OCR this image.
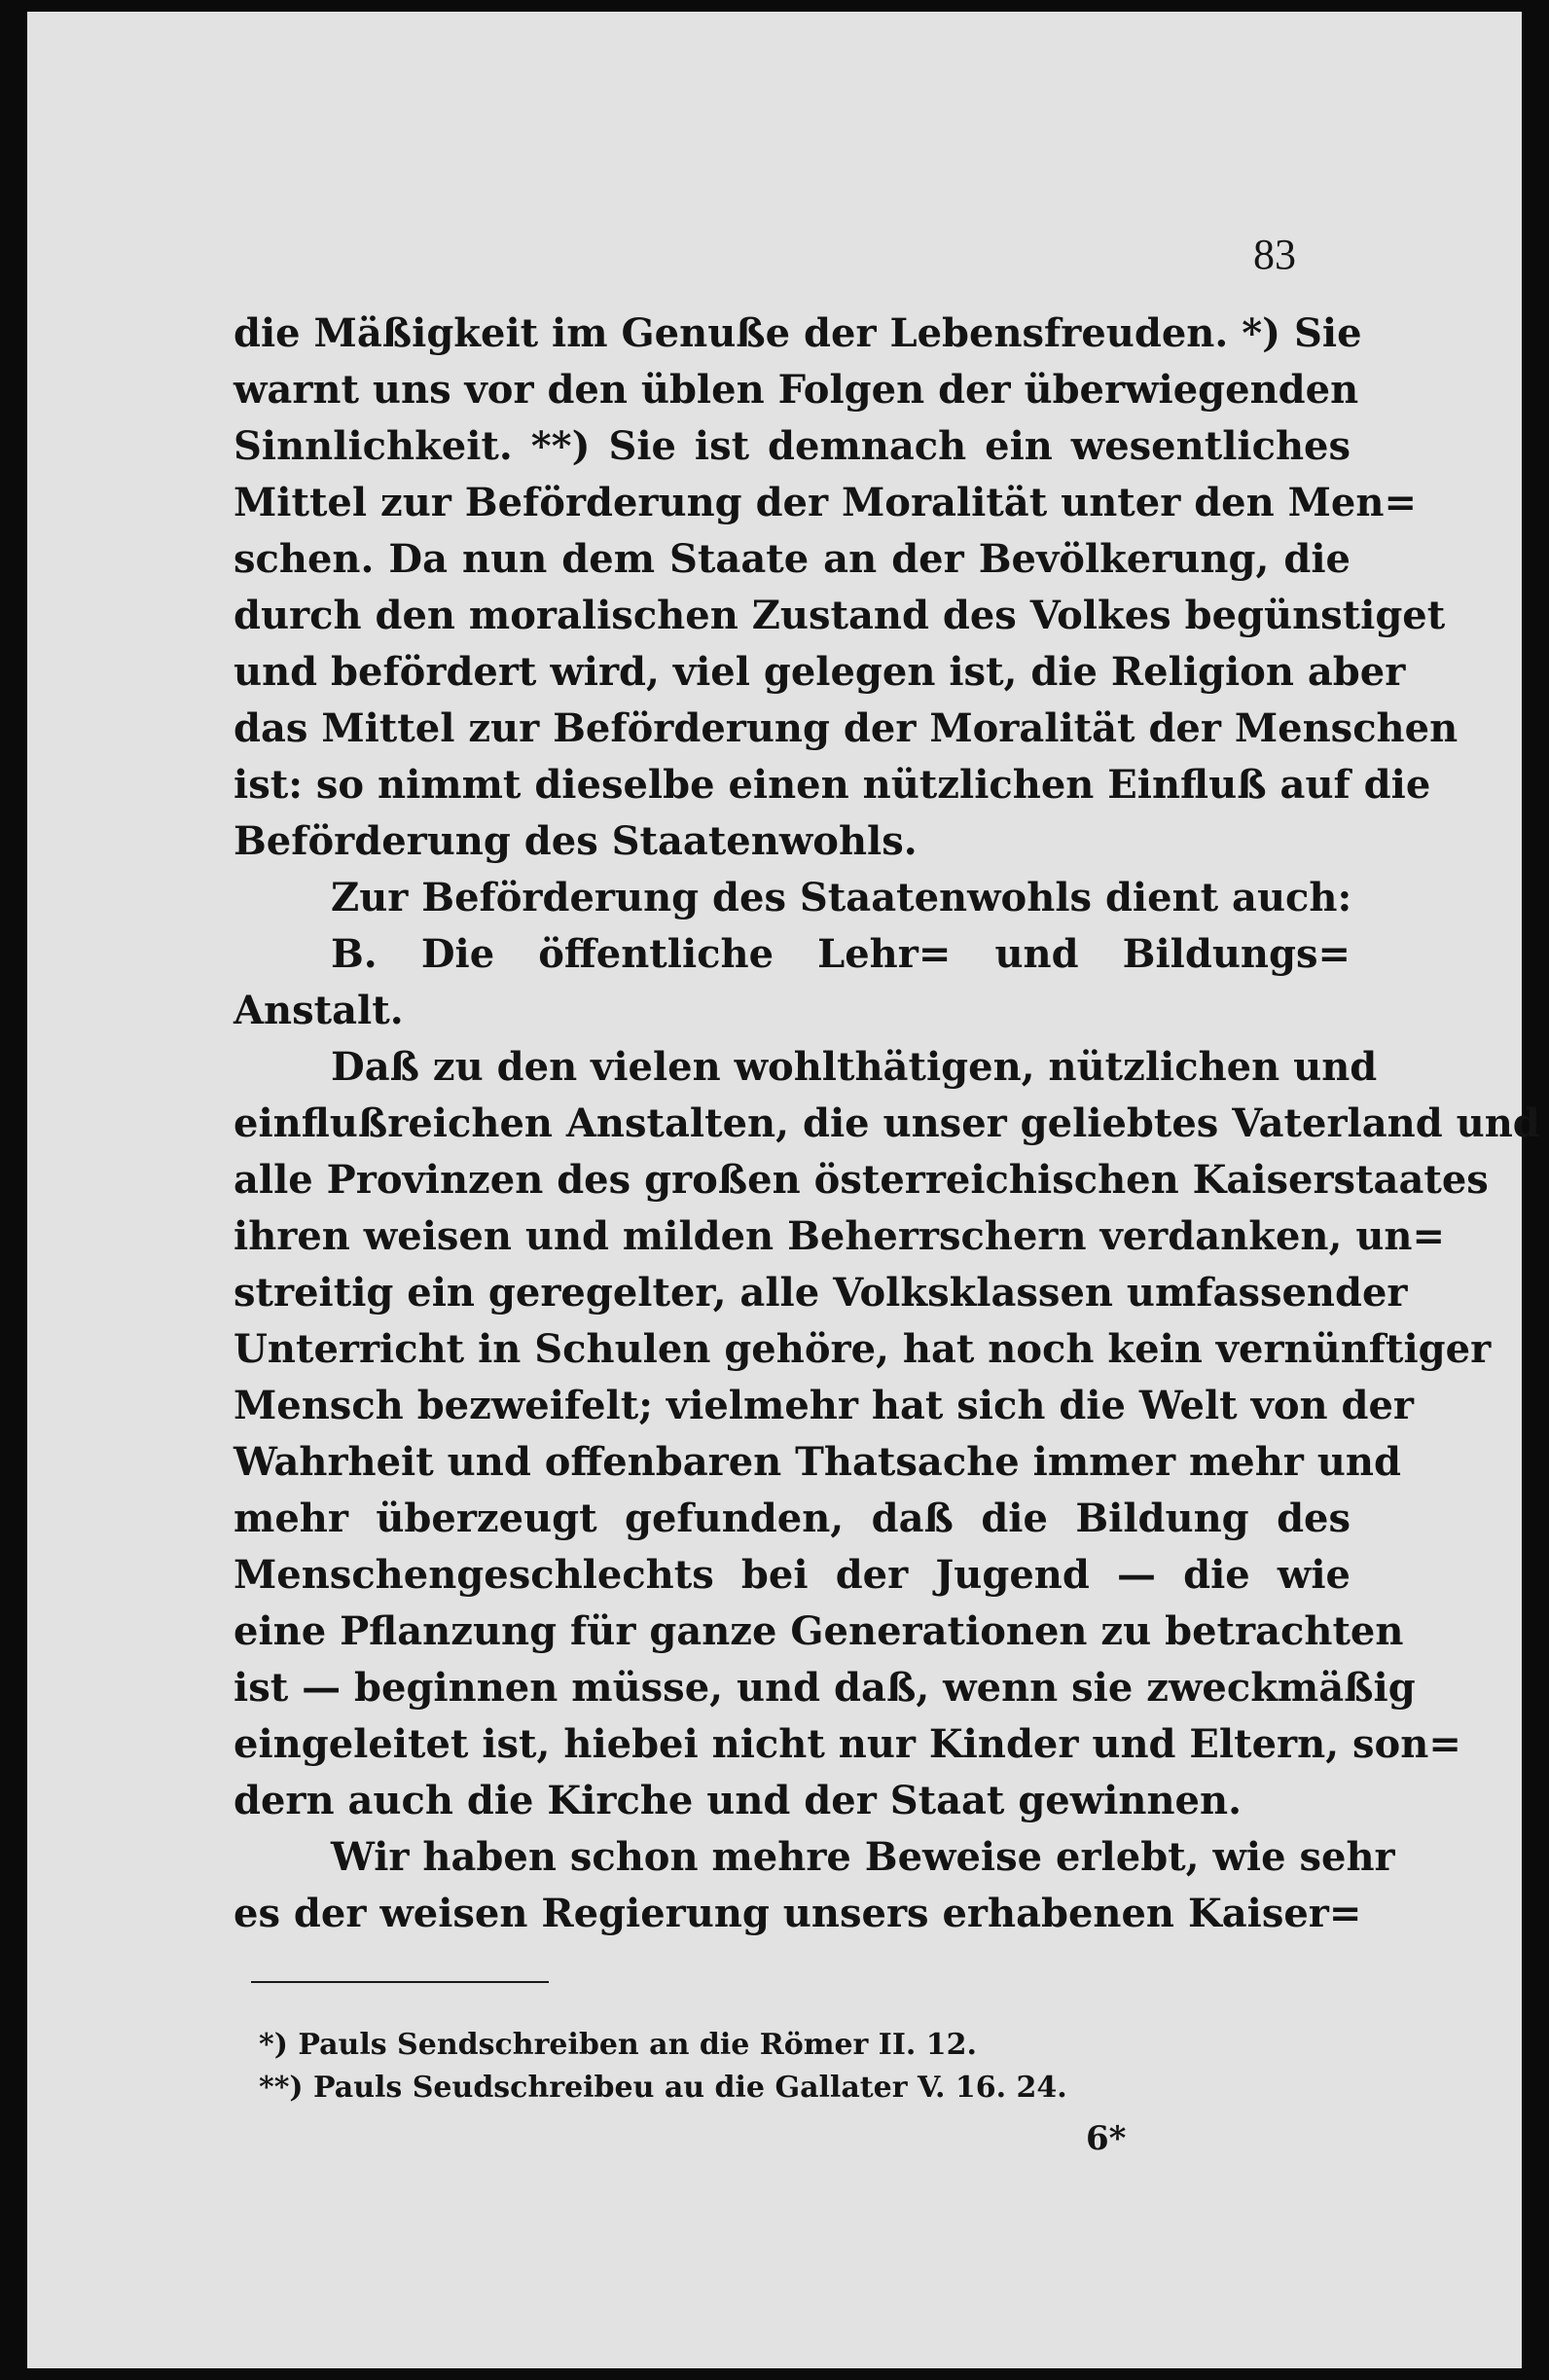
83
die Mäßigkeit im Genuße der Lebensfreuden. *) Sie
warnt uns vor den üblen Folgen der überwiegenden
Sinnlichkeit. **) Sie ist demnach ein wesentliches
Mittel zur Beförderung der Moralität unter den Men=
schen. Da nun dem Staate an der Bevölkerung, die
durch den moralischen Zustand des Volkes begünstiget
und befördert wird, viel gelegen ist, die Religion aber
das Mittel zur Beförderung der Moralität der Menschen
ist: so nimmt dieselbe einen nützlichen Einfluß auf die
Beförderung des Staatenwohls.
Zur Beförderung des Staatenwohls dient auch:
B. Die öffentliche Lehr= und Bildungs=
Anstalt.
Daß zu den vielen wohlthätigen, nützlichen und
einflußreichen Anstalten, die unser geliebtes Vaterland und
alle Provinzen des großen österreichischen Kaiserstaates
ihren weisen und milden Beherrschern verdanken, un=
streitig ein geregelter, alle Volksklassen umfassender
Unterricht in Schulen gehöre, hat noch kein vernünftiger
Mensch bezweifelt; vielmehr hat sich die Welt von der
Wahrheit und offenbaren Thatsache immer mehr und
mehr überzeugt gefunden, daß die Bildung des
Menschengeschlechts bei der Jugend — die wie
eine Pflanzung für ganze Generationen zu betrachten
ist — beginnen müsse, und daß, wenn sie zweckmäßig
eingeleitet ist, hiebei nicht nur Kinder und Eltern, son=
dern auch die Kirche und der Staat gewinnen.
Wir haben schon mehre Beweise erlebt, wie sehr
es der weisen Regierung unsers erhabenen Kaiser=
*) Pauls Sendschreiben an die Römer II. 12.
**) Pauls Seudschreibeu au die Gallater V. 16. 24.
6*
